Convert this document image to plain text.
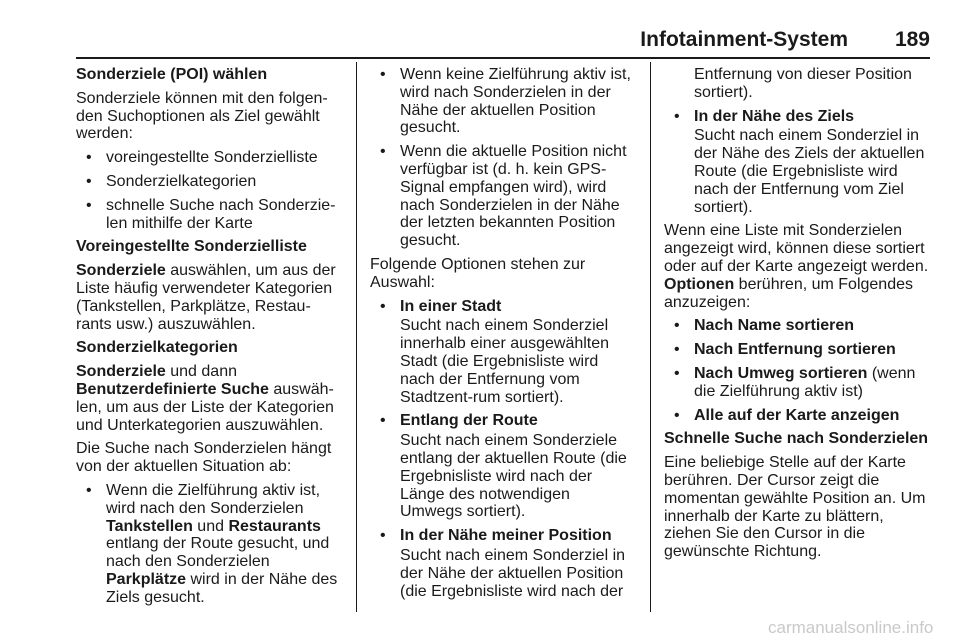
Infotainment-System 189

Sonderziele (POI) wählen

Sonderziele können mit den folgen-den Suchoptionen als Ziel gewählt werden:

• voreingestellte Sonderzielliste
• Sonderzielkategorien
• schnelle Suche nach Sonderzie-len mithilfe der Karte

Voreingestellte Sonderzielliste

Sonderziele auswählen, um aus der Liste häufig verwendeter Kategorien (Tankstellen, Parkplätze, Restau-rants usw.) auszuwählen.

Sonderzielkategorien

Sonderziele und dann
Benutzerdefinierte Suche auswäh-len, um aus der Liste der Kategorien und Unterkategorien auszuwählen.

Die Suche nach Sonderzielen hängt von der aktuellen Situation ab:

• Wenn die Zielführung aktiv ist, wird nach den Sonderzielen Tankstellen und Restaurants entlang der Route gesucht, und nach den Sonderzielen Parkplätze wird in der Nähe des Ziels gesucht.
• Wenn keine Zielführung aktiv ist, wird nach Sonderzielen in der Nähe der aktuellen Position gesucht.
• Wenn die aktuelle Position nicht verfügbar ist (d. h. kein GPS-Signal empfangen wird), wird nach Sonderzielen in der Nähe der letzten bekannten Position gesucht.

Folgende Optionen stehen zur Auswahl:

• In einer Stadt
Sucht nach einem Sonderziel innerhalb einer ausgewählten Stadt (die Ergebnisliste wird nach der Entfernung vom Stadtzent-rum sortiert).
• Entlang der Route
Sucht nach einem Sonderziele entlang der aktuellen Route (die Ergebnisliste wird nach der Länge des notwendigen Umwegs sortiert).
• In der Nähe meiner Position
Sucht nach einem Sonderziel in der Nähe der aktuellen Position (die Ergebnisliste wird nach der

Entfernung von dieser Position sortiert).

• In der Nähe des Ziels
Sucht nach einem Sonderziel in der Nähe des Ziels der aktuellen Route (die Ergebnisliste wird nach der Entfernung vom Ziel sortiert).

Wenn eine Liste mit Sonderzielen angezeigt wird, können diese sortiert oder auf der Karte angezeigt werden. Optionen berühren, um Folgendes anzuzeigen:

• Nach Name sortieren
• Nach Entfernung sortieren
• Nach Umweg sortieren (wenn die Zielführung aktiv ist)
• Alle auf der Karte anzeigen

Schnelle Suche nach Sonderzielen

Eine beliebige Stelle auf der Karte berühren. Der Cursor zeigt die momentan gewählte Position an. Um innerhalb der Karte zu blättern, ziehen Sie den Cursor in die gewünschte Richtung.

carmanualsonline.info
